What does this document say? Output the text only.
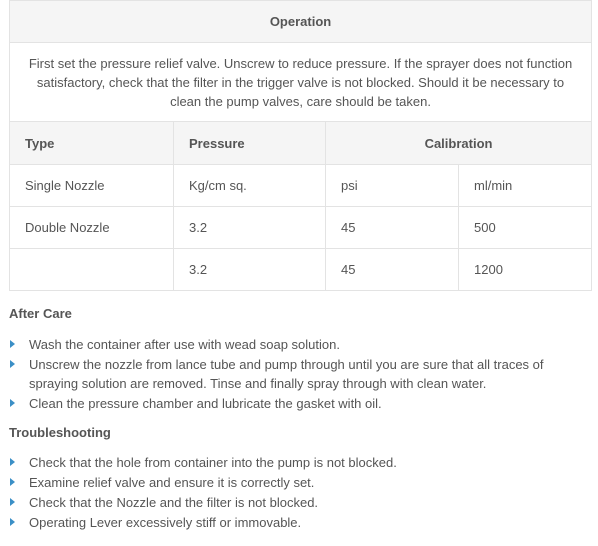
Operation			
First set the pressure relief valve. Unscrew to reduce pressure. If the sprayer does not function satisfactory, check that the filter in the trigger valve is not blocked. Should it be necessary to clean the pump valves, care should be taken.			
Type	Pressure	Calibration	
Single Nozzle	Kg/cm sq.	psi	ml/min
Double Nozzle	3.2	45	500
	3.2	45	1200
After Care
Wash the container after use with wead soap solution.
Unscrew the nozzle from lance tube and pump through until you are sure that all traces of spraying solution are removed. Tinse and finally spray through with clean water.
Clean the pressure chamber and lubricate the gasket with oil.
Troubleshooting
Check that the hole from container into the pump is not blocked.
Examine relief valve and ensure it is correctly set.
Check that the Nozzle and the filter is not blocked.
Operating Lever excessively stiff or immovable.
